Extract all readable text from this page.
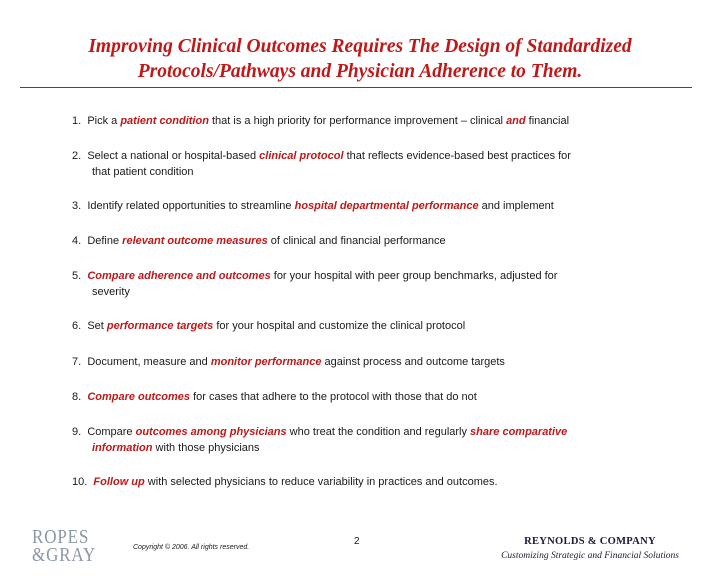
Improving Clinical Outcomes Requires The Design of Standardized
Protocols/Pathways and Physician Adherence to Them.
1. Pick a patient condition that is a high priority for performance improvement – clinical and financial
2. Select a national or hospital-based clinical protocol that reflects evidence-based best practices for
that patient condition
3. Identify related opportunities to streamline hospital departmental performance and implement
4. Define relevant outcome measures of clinical and financial performance
5. Compare adherence and outcomes for your hospital with peer group benchmarks, adjusted for
severity
6. Set performance targets for your hospital and customize the clinical protocol
7. Document, measure and monitor performance against process and outcome targets
8. Compare outcomes for cases that adhere to the protocol with those that do not
9. Compare outcomes among physicians who treat the condition and regularly share comparative
information with those physicians
10. Follow up with selected physicians to reduce variability in practices and outcomes.
ROPES
&GRAY	Copyright © 2006. All rights reserved.
2	REYNOLDS & COMPANY
Customizing Strategic and Financial Solutions
